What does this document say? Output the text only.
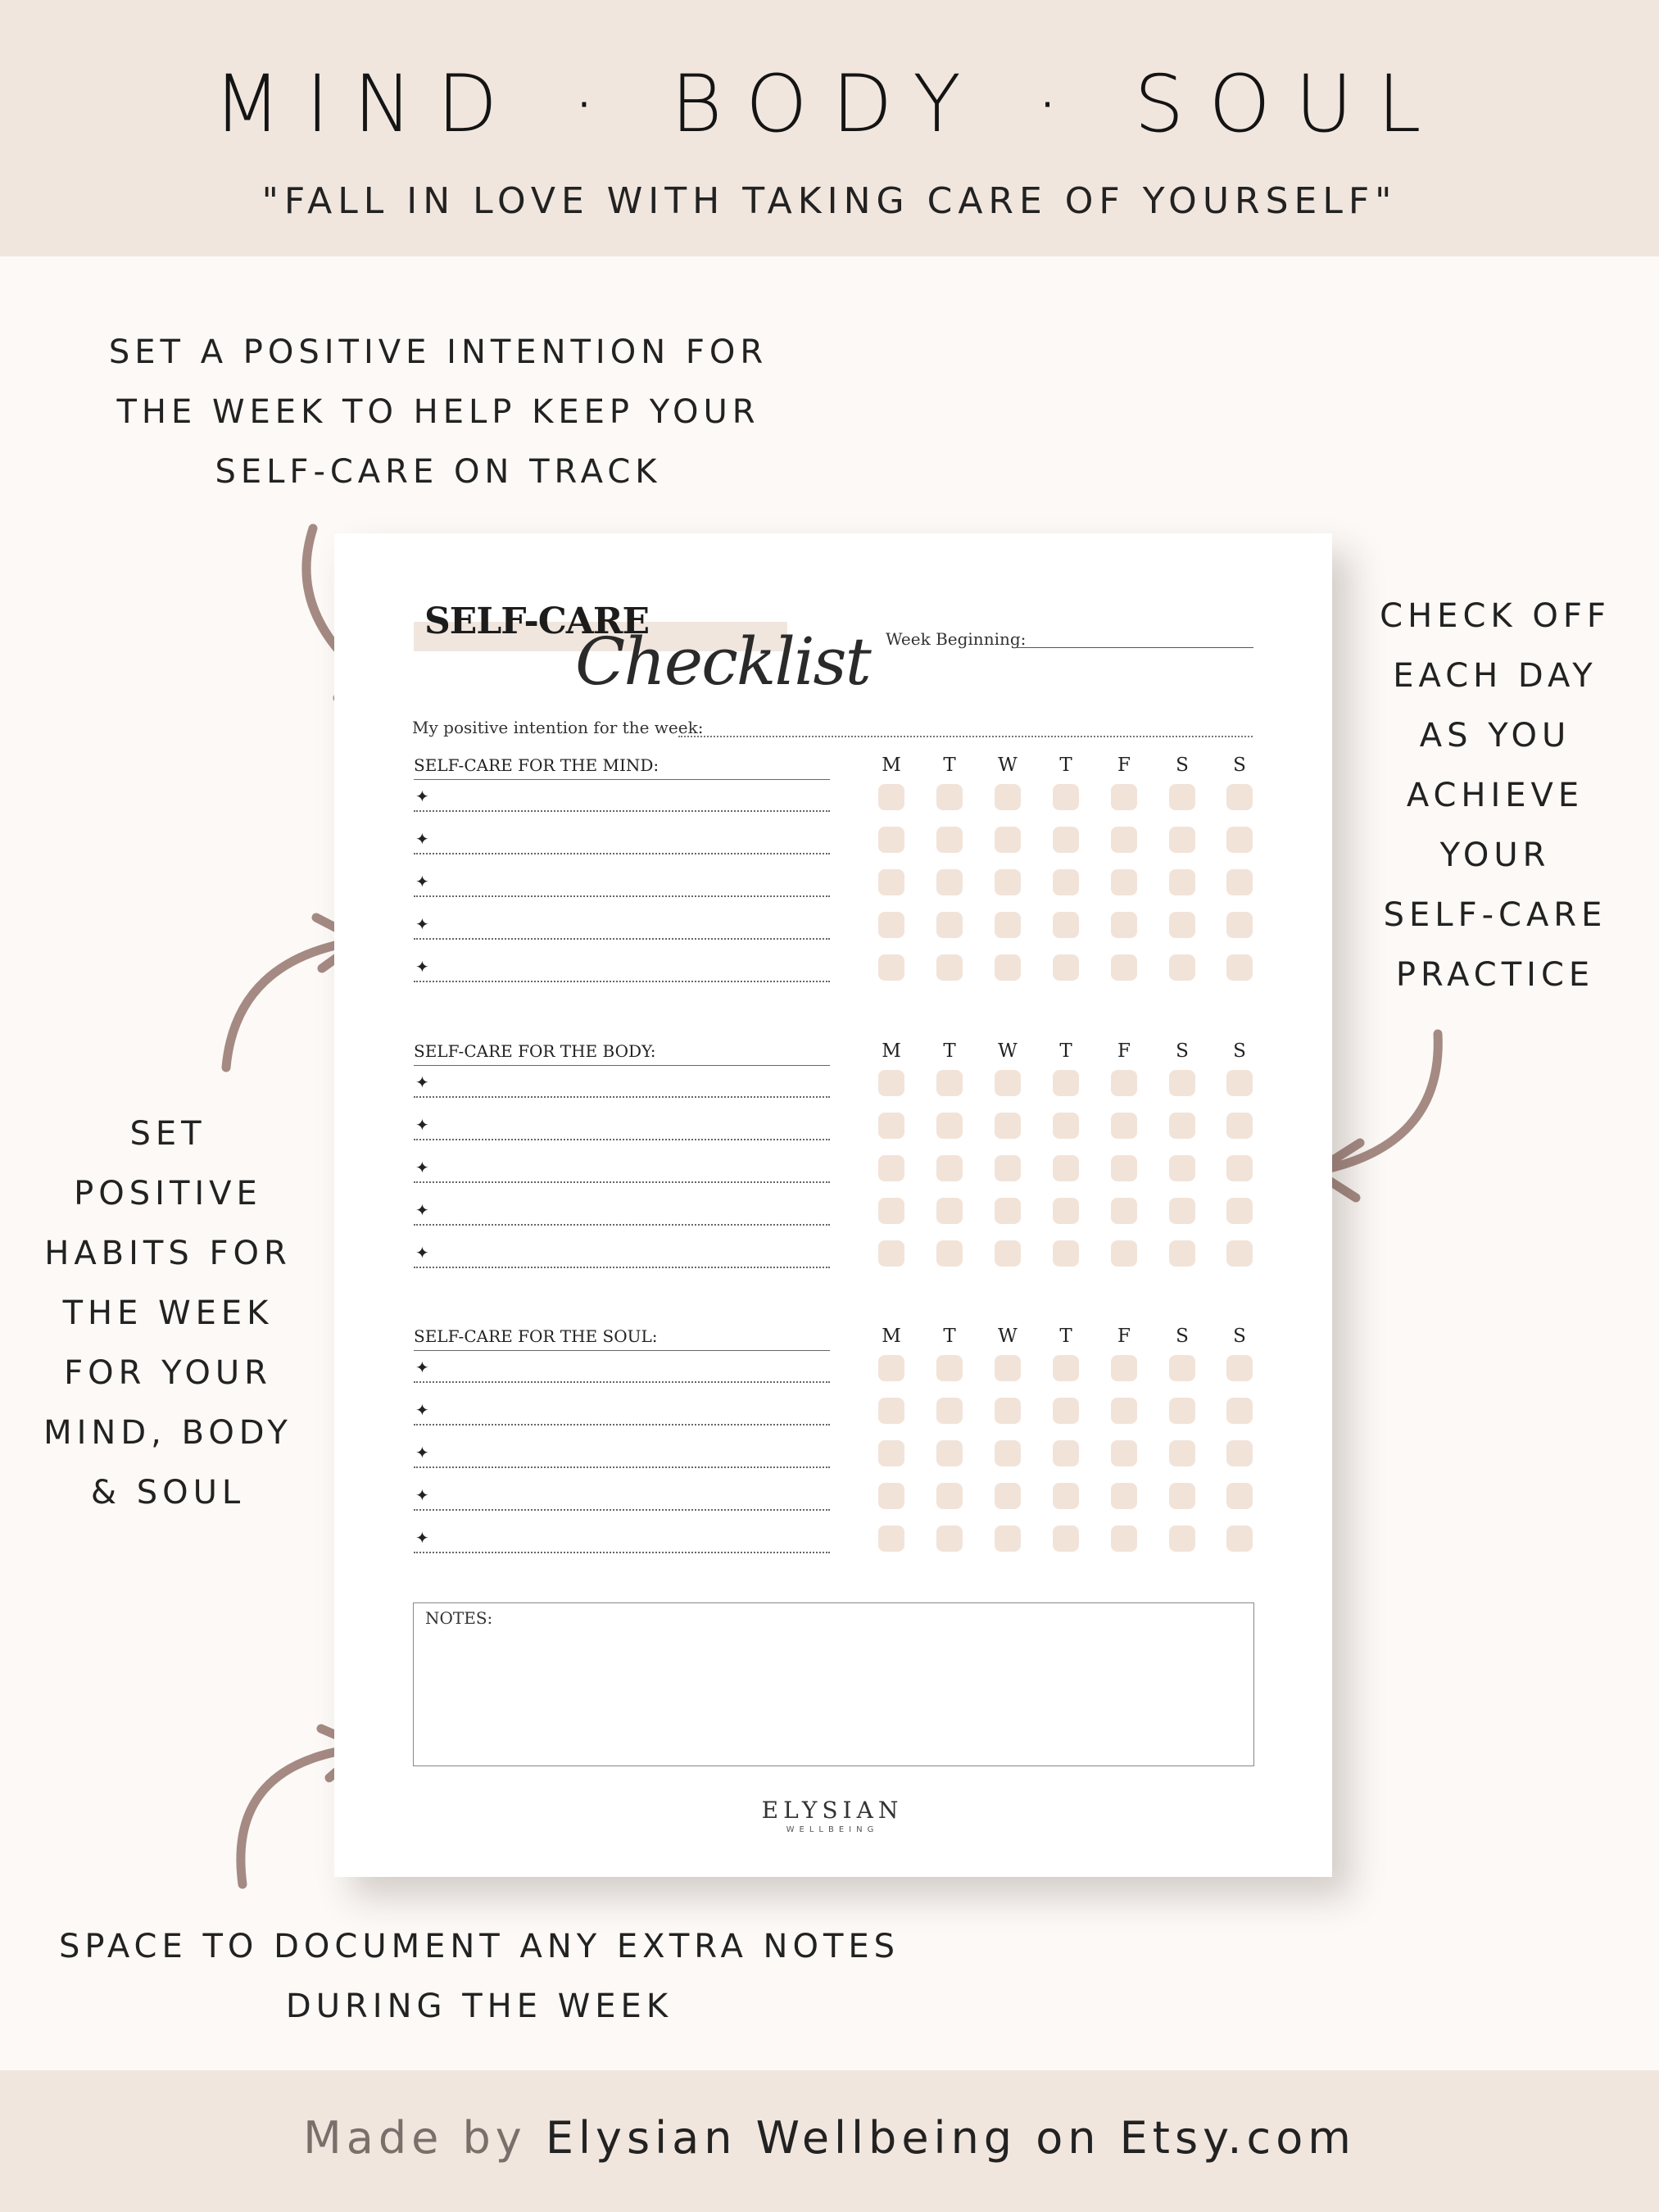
MIND · BODY · SOUL
"FALL IN LOVE WITH TAKING CARE OF YOURSELF"
SET A POSITIVE INTENTION FOR
THE WEEK TO HELP KEEP YOUR
SELF-CARE ON TRACK
CHECK OFF
EACH DAY
AS YOU
ACHIEVE
YOUR
SELF-CARE
PRACTICE
SET
POSITIVE
HABITS FOR
THE WEEK
FOR YOUR
MIND, BODY
& SOUL
SPACE TO DOCUMENT ANY EXTRA NOTES
DURING THE WEEK
SELF-CARE
Checklist Week Beginning:
My positive intention for the week:
SELF-CARE FOR THE MIND:	M	T	W	T	F	S	S
✦
✦
✦
✦
✦
SELF-CARE FOR THE BODY:	M	T	W	T	F	S	S
✦
✦
✦
✦
✦
SELF-CARE FOR THE SOUL:	M	T	W	T	F	S	S
✦
✦
✦
✦
✦
NOTES:
ELYSIAN
WELLBEING
Made by Elysian Wellbeing on Etsy.com
